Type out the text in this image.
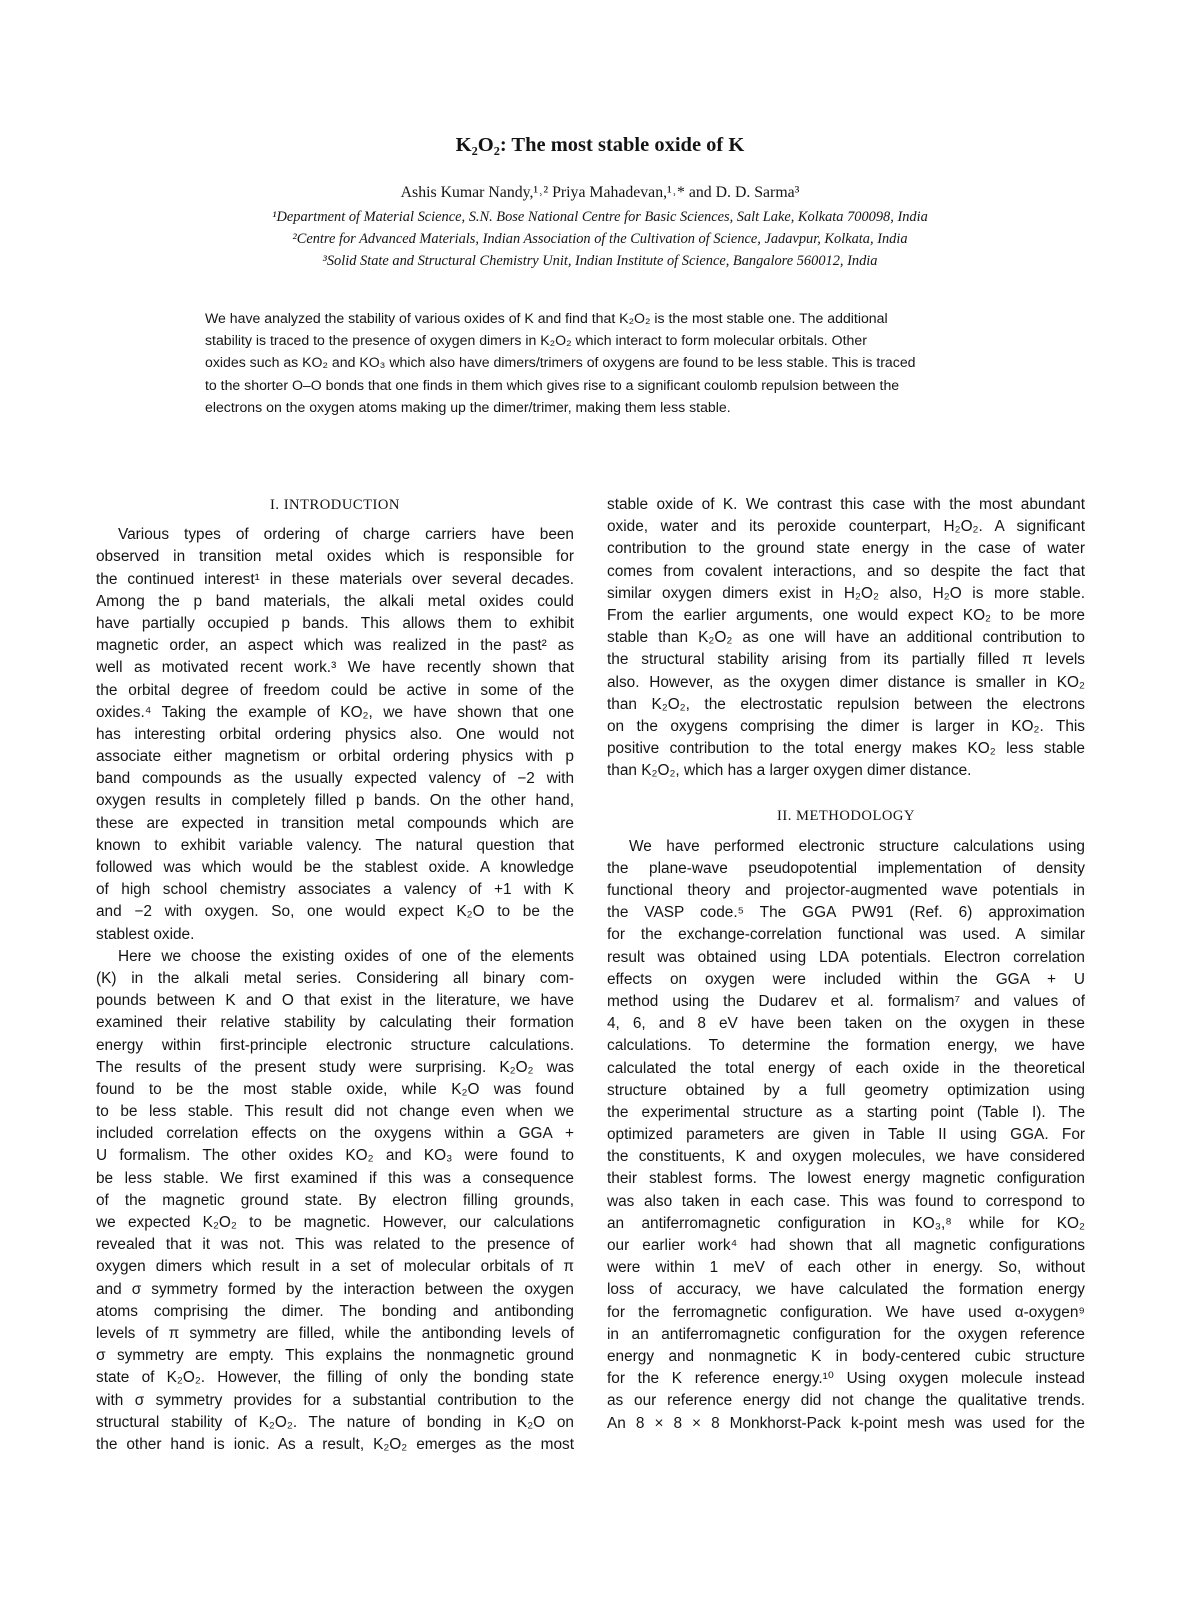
K₂O₂: The most stable oxide of K
Ashis Kumar Nandy,¹˒² Priya Mahadevan,¹˒* and D. D. Sarma³
¹Department of Material Science, S.N. Bose National Centre for Basic Sciences, Salt Lake, Kolkata 700098, India
²Centre for Advanced Materials, Indian Association of the Cultivation of Science, Jadavpur, Kolkata, India
³Solid State and Structural Chemistry Unit, Indian Institute of Science, Bangalore 560012, India
We have analyzed the stability of various oxides of K and find that K₂O₂ is the most stable one. The additional
stability is traced to the presence of oxygen dimers in K₂O₂ which interact to form molecular orbitals. Other
oxides such as KO₂ and KO₃ which also have dimers/trimers of oxygens are found to be less stable. This is traced
to the shorter O–O bonds that one finds in them which gives rise to a significant coulomb repulsion between the
electrons on the oxygen atoms making up the dimer/trimer, making them less stable.
I. INTRODUCTION
Various types of ordering of charge carriers have been
observed in transition metal oxides which is responsible for
the continued interest¹ in these materials over several decades.
Among the p band materials, the alkali metal oxides could
have partially occupied p bands. This allows them to exhibit
magnetic order, an aspect which was realized in the past² as
well as motivated recent work.³ We have recently shown that
the orbital degree of freedom could be active in some of the
oxides.⁴ Taking the example of KO₂, we have shown that one
has interesting orbital ordering physics also. One would not
associate either magnetism or orbital ordering physics with p
band compounds as the usually expected valency of −2 with
oxygen results in completely filled p bands. On the other hand,
these are expected in transition metal compounds which are
known to exhibit variable valency. The natural question that
followed was which would be the stablest oxide. A knowledge
of high school chemistry associates a valency of +1 with K
and −2 with oxygen. So, one would expect K₂O to be the
stablest oxide.
Here we choose the existing oxides of one of the elements
(K) in the alkali metal series. Considering all binary com-
pounds between K and O that exist in the literature, we have
examined their relative stability by calculating their formation
energy within first-principle electronic structure calculations.
The results of the present study were surprising. K₂O₂ was
found to be the most stable oxide, while K₂O was found
to be less stable. This result did not change even when we
included correlation effects on the oxygens within a GGA +
U formalism. The other oxides KO₂ and KO₃ were found to
be less stable. We first examined if this was a consequence
of the magnetic ground state. By electron filling grounds,
we expected K₂O₂ to be magnetic. However, our calculations
revealed that it was not. This was related to the presence of
oxygen dimers which result in a set of molecular orbitals of π
and σ symmetry formed by the interaction between the oxygen
atoms comprising the dimer. The bonding and antibonding
levels of π symmetry are filled, while the antibonding levels of
σ symmetry are empty. This explains the nonmagnetic ground
state of K₂O₂. However, the filling of only the bonding state
with σ symmetry provides for a substantial contribution to the
structural stability of K₂O₂. The nature of bonding in K₂O on
the other hand is ionic. As a result, K₂O₂ emerges as the most
stable oxide of K. We contrast this case with the most abundant
oxide, water and its peroxide counterpart, H₂O₂. A significant
contribution to the ground state energy in the case of water
comes from covalent interactions, and so despite the fact that
similar oxygen dimers exist in H₂O₂ also, H₂O is more stable.
From the earlier arguments, one would expect KO₂ to be more
stable than K₂O₂ as one will have an additional contribution to
the structural stability arising from its partially filled π levels
also. However, as the oxygen dimer distance is smaller in KO₂
than K₂O₂, the electrostatic repulsion between the electrons
on the oxygens comprising the dimer is larger in KO₂. This
positive contribution to the total energy makes KO₂ less stable
than K₂O₂, which has a larger oxygen dimer distance.
II. METHODOLOGY
We have performed electronic structure calculations using
the plane-wave pseudopotential implementation of density
functional theory and projector-augmented wave potentials in
the VASP code.⁵ The GGA PW91 (Ref. 6) approximation
for the exchange-correlation functional was used. A similar
result was obtained using LDA potentials. Electron correlation
effects on oxygen were included within the GGA + U
method using the Dudarev et al. formalism⁷ and values of
4, 6, and 8 eV have been taken on the oxygen in these
calculations. To determine the formation energy, we have
calculated the total energy of each oxide in the theoretical
structure obtained by a full geometry optimization using
the experimental structure as a starting point (Table I). The
optimized parameters are given in Table II using GGA. For
the constituents, K and oxygen molecules, we have considered
their stablest forms. The lowest energy magnetic configuration
was also taken in each case. This was found to correspond to
an antiferromagnetic configuration in KO₃,⁸ while for KO₂
our earlier work⁴ had shown that all magnetic configurations
were within 1 meV of each other in energy. So, without
loss of accuracy, we have calculated the formation energy
for the ferromagnetic configuration. We have used α-oxygen⁹
in an antiferromagnetic configuration for the oxygen reference
energy and nonmagnetic K in body-centered cubic structure
for the K reference energy.¹⁰ Using oxygen molecule instead
as our reference energy did not change the qualitative trends.
An 8 × 8 × 8 Monkhorst-Pack k-point mesh was used for the
